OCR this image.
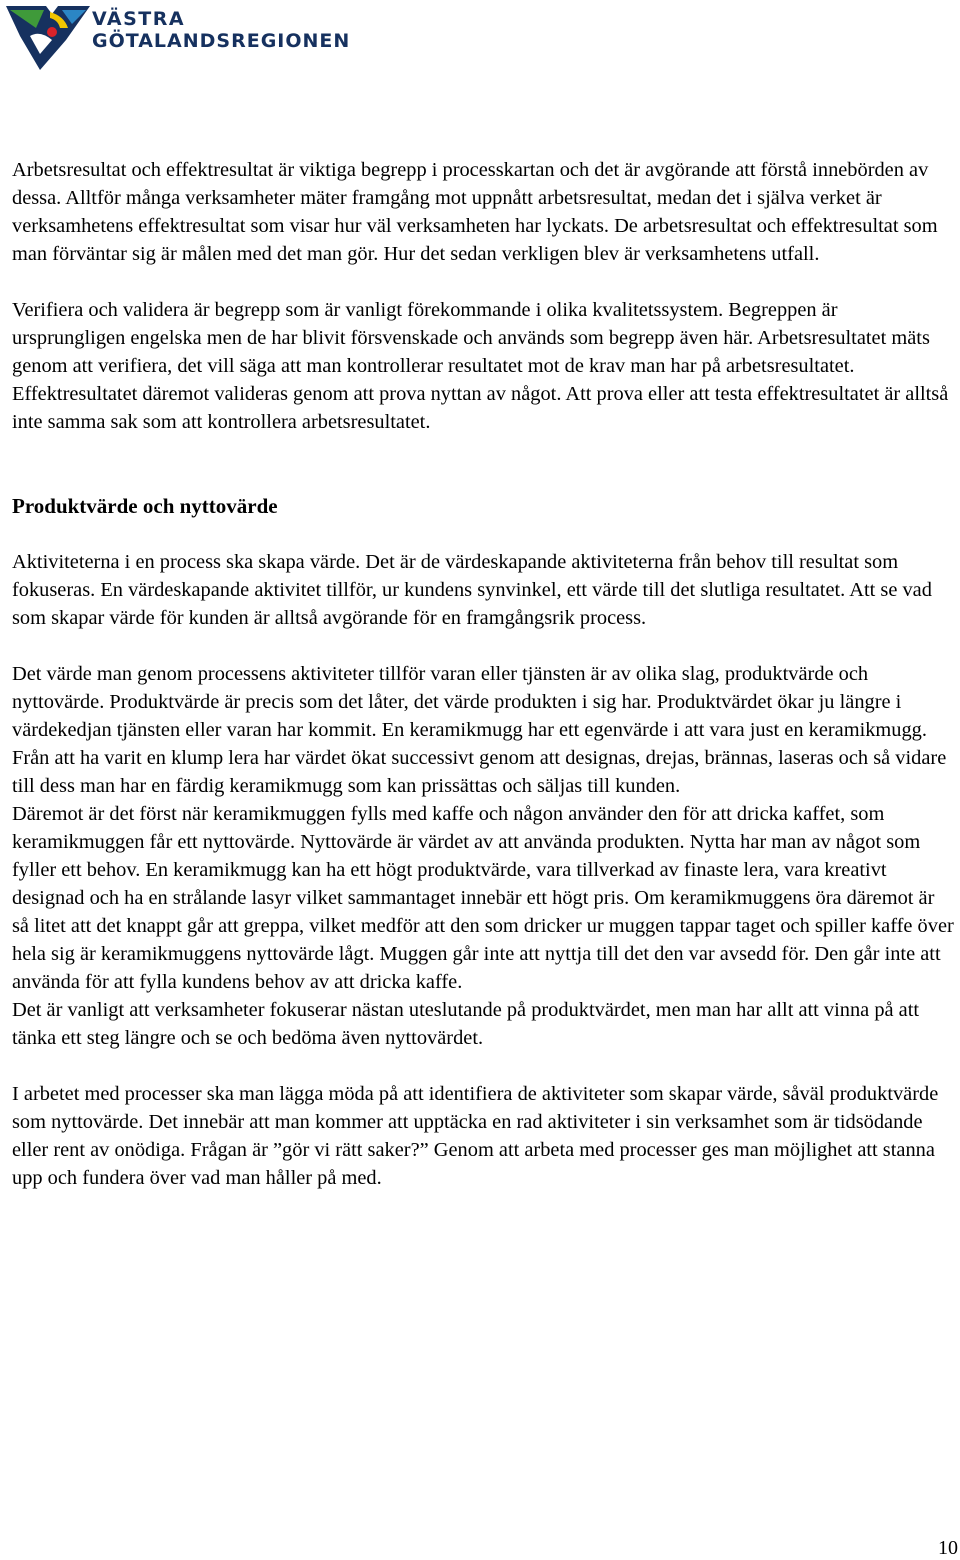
VÄSTRA
GÖTALANDSREGIONEN

Arbetsresultat och effektresultat är viktiga begrepp i processkartan och det är avgörande att förstå innebörden av dessa. Alltför många verksamheter mäter framgång mot uppnått arbetsresultat, medan det i själva verket är verksamhetens effektresultat som visar hur väl verksamheten har lyckats. De arbetsresultat och effektresultat som man förväntar sig är målen med det man gör. Hur det sedan verkligen blev är verksamhetens utfall.

Verifiera och validera är begrepp som är vanligt förekommande i olika kvalitetssystem. Begreppen är ursprungligen engelska men de har blivit försvenskade och används som begrepp även här. Arbetsresultatet mäts genom att verifiera, det vill säga att man kontrollerar resultatet mot de krav man har på arbetsresultatet. Effektresultatet däremot valideras genom att prova nyttan av något. Att prova eller att testa effektresultatet är alltså inte samma sak som att kontrollera arbetsresultatet.

Produktvärde och nyttovärde

Aktiviteterna i en process ska skapa värde. Det är de värdeskapande aktiviteterna från behov till resultat som fokuseras. En värdeskapande aktivitet tillför, ur kundens synvinkel, ett värde till det slutliga resultatet. Att se vad som skapar värde för kunden är alltså avgörande för en framgångsrik process.

Det värde man genom processens aktiviteter tillför varan eller tjänsten är av olika slag, produktvärde och nyttovärde. Produktvärde är precis som det låter, det värde produkten i sig har. Produktvärdet ökar ju längre i värdekedjan tjänsten eller varan har kommit. En keramikmugg har ett egenvärde i att vara just en keramikmugg. Från att ha varit en klump lera har värdet ökat successivt genom att designas, drejas, brännas, laseras och så vidare till dess man har en färdig keramikmugg som kan prissättas och säljas till kunden.

Däremot är det först när keramikmuggen fylls med kaffe och någon använder den för att dricka kaffet, som keramikmuggen får ett nyttovärde. Nyttovärde är värdet av att använda produkten. Nytta har man av något som fyller ett behov. En keramikmugg kan ha ett högt produktvärde, vara tillverkad av finaste lera, vara kreativt designad och ha en strålande lasyr vilket sammantaget innebär ett högt pris. Om keramikmuggens öra däremot är så litet att det knappt går att greppa, vilket medför att den som dricker ur muggen tappar taget och spiller kaffe över hela sig är keramikmuggens nyttovärde lågt. Muggen går inte att nyttja till det den var avsedd för. Den går inte att använda för att fylla kundens behov av att dricka kaffe.

Det är vanligt att verksamheter fokuserar nästan uteslutande på produktvärdet, men man har allt att vinna på att tänka ett steg längre och se och bedöma även nyttovärdet.

I arbetet med processer ska man lägga möda på att identifiera de aktiviteter som skapar värde, såväl produktvärde som nyttovärde. Det innebär att man kommer att upptäcka en rad aktiviteter i sin verksamhet som är tidsödande eller rent av onödiga. Frågan är ”gör vi rätt saker?” Genom att arbeta med processer ges man möjlighet att stanna upp och fundera över vad man håller på med.

10
